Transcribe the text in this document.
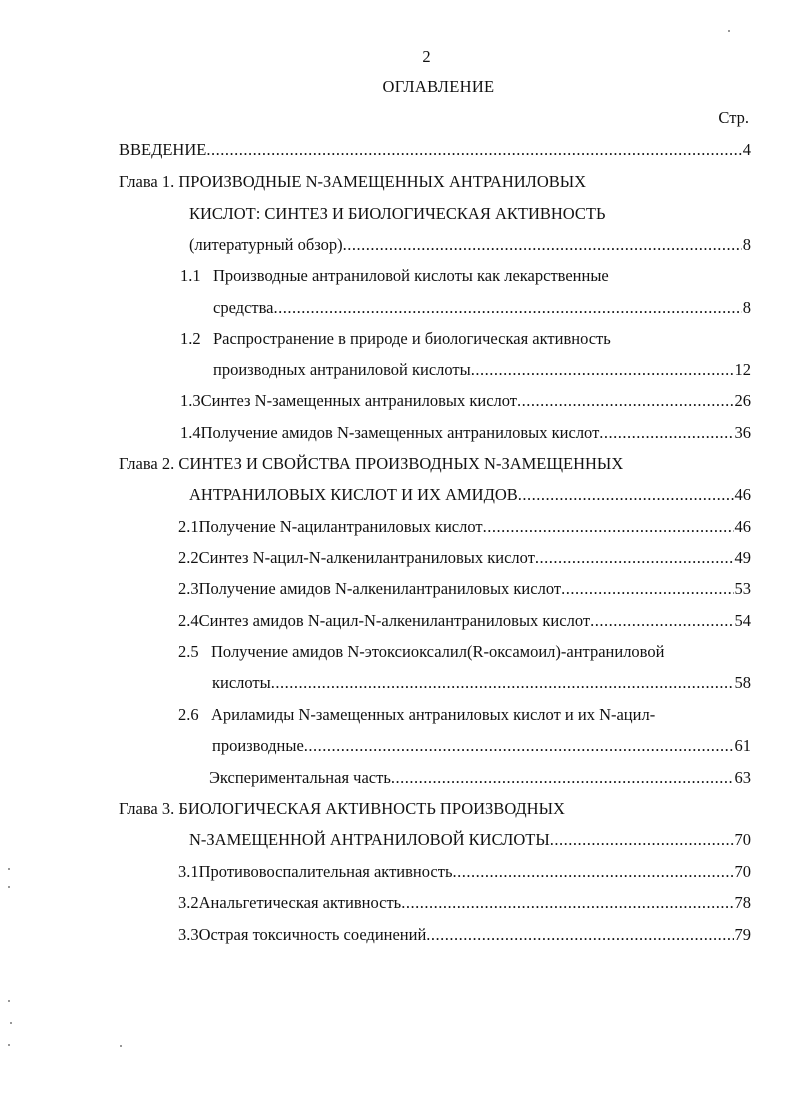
2
ОГЛАВЛЕНИЕ
Стр.
ВВЕДЕНИЕ .....	4
Глава 1. ПРОИЗВОДНЫЕ N-ЗАМЕЩЕННЫХ АНТРАНИЛОВЫХ
КИСЛОТ: СИНТЕЗ И БИОЛОГИЧЕСКАЯ АКТИВНОСТЬ
(литературный обзор) .....	8
1.1 Производные антраниловой кислоты как лекарственные
средства .....	8
1.2 Распространение в природе и биологическая активность
производных антраниловой кислоты .....	12
1.3 Синтез N-замещенных антраниловых кислот .....	26
1.4 Получение амидов N-замещенных антраниловых кислот .....	36
Глава 2. СИНТЕЗ И СВОЙСТВА ПРОИЗВОДНЫХ N-ЗАМЕЩЕННЫХ
АНТРАНИЛОВЫХ КИСЛОТ И ИХ АМИДОВ .....	46
2.1 Получение N-ацилантраниловых кислот .....	46
2.2 Синтез N-ацил-N-алкенилантраниловых кислот .....	49
2.3 Получение амидов N-алкенилантраниловых кислот .....	53
2.4 Синтез амидов N-ацил-N-алкенилантраниловых кислот .....	54
2.5 Получение амидов N-этоксиоксалил(R-оксамоил)-антраниловой
кислоты .....	58
2.6 Ариламиды N-замещенных антраниловых кислот и их N-ацил-
производные .....	61
Экспериментальная часть .....	63
Глава 3. БИОЛОГИЧЕСКАЯ АКТИВНОСТЬ ПРОИЗВОДНЫХ
N-ЗАМЕЩЕННОЙ АНТРАНИЛОВОЙ КИСЛОТЫ .....	70
3.1 Противовоспалительная активность .....	70
3.2 Анальгетическая активность .....	78
3.3 Острая токсичность соединений .....	79
